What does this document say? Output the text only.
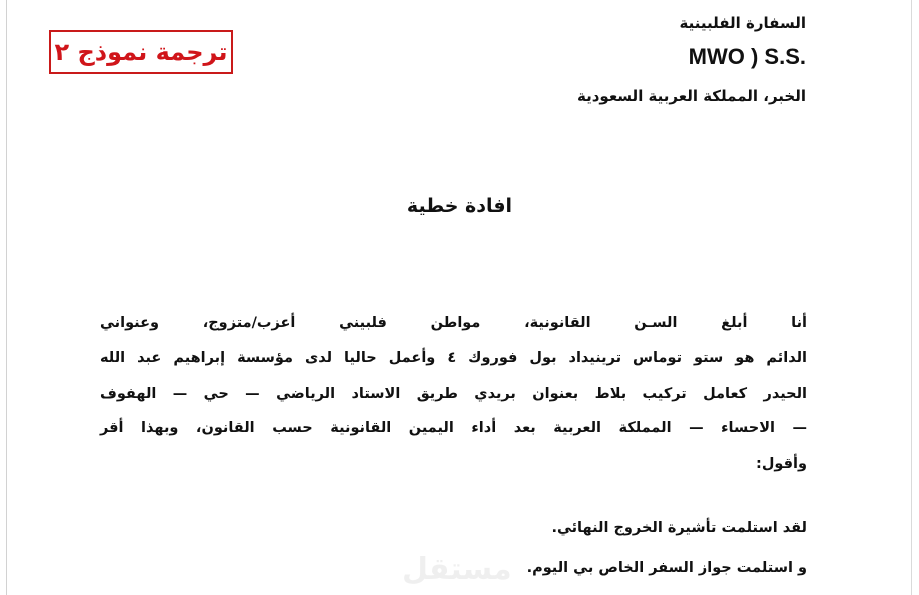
ترجمة نموذج ٢
السفارة الفلبينية
MWO ) S.S.
الخبر، المملكة العربية السعودية
افادة خطية
أنا أبلغ السـن القانونية، مواطن فلبيني أعزب/متزوج، وعنواني
الدائم هو ستو توماس ترينيداد بول فوروك ٤ وأعمل حاليا لدى مؤسسة إبراهيم عبد الله
الحيدر كعامل تركيب بلاط بعنوان بريدي طريق الاستاد الرياضي — حي — الهفوف
— الاحساء — المملكة العربية بعد أداء اليمين القانونية حسب القانون، وبهذا أقر
وأقول:
لقد استلمت تأشيرة الخروج النهائي.
و استلمت جواز السفر الخاص بي اليوم.
مستقل
